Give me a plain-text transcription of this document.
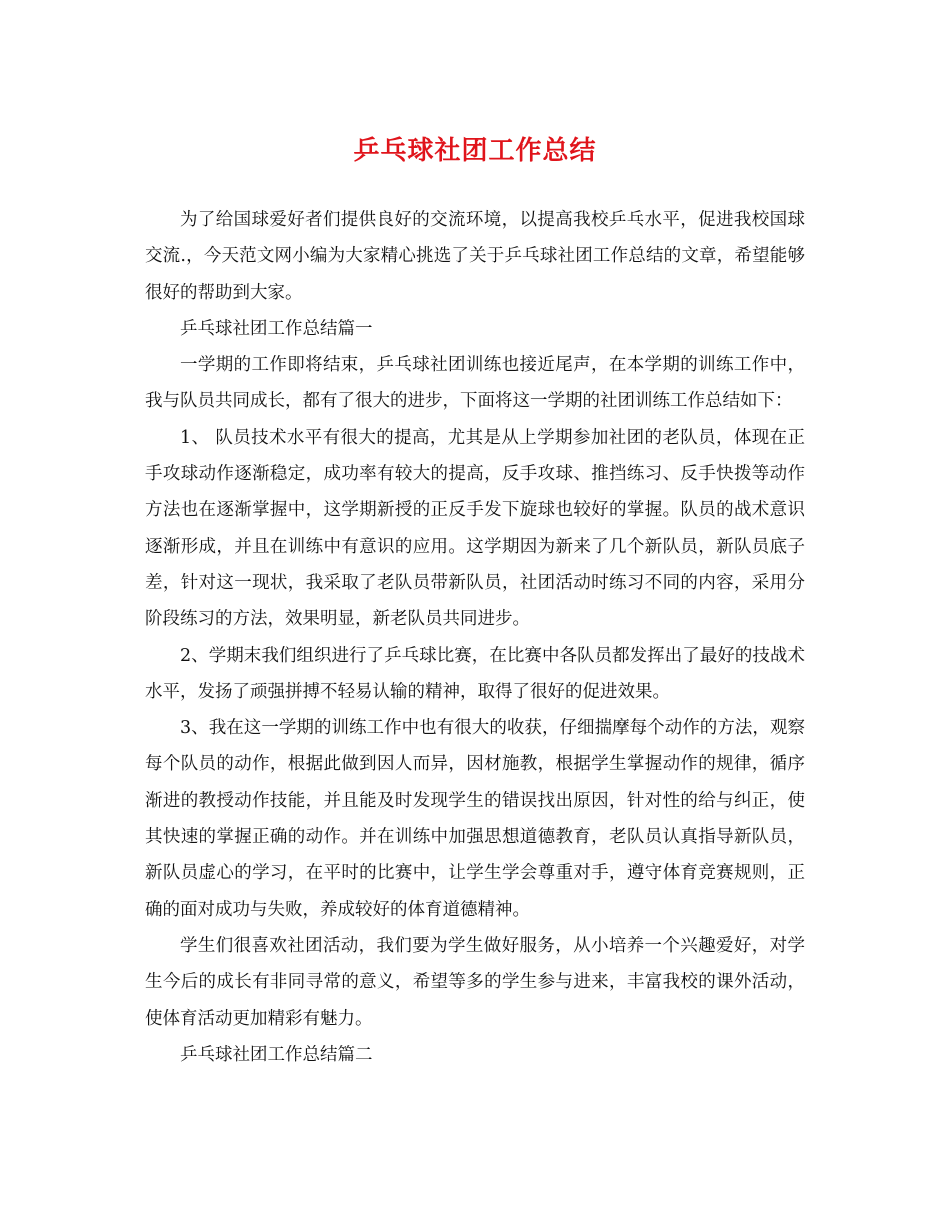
乒乓球社团工作总结

为了给国球爱好者们提供良好的交流环境，以提高我校乒乓水平，促进我校国球交流.，今天范文网小编为大家精心挑选了关于乒乓球社团工作总结的文章，希望能够很好的帮助到大家。

乒乓球社团工作总结篇一

一学期的工作即将结束，乒乓球社团训练也接近尾声，在本学期的训练工作中，我与队员共同成长，都有了很大的进步，下面将这一学期的社团训练工作总结如下：

1、 队员技术水平有很大的提高，尤其是从上学期参加社团的老队员，体现在正手攻球动作逐渐稳定，成功率有较大的提高，反手攻球、推挡练习、反手快拨等动作方法也在逐渐掌握中，这学期新授的正反手发下旋球也较好的掌握。队员的战术意识逐渐形成，并且在训练中有意识的应用。这学期因为新来了几个新队员，新队员底子差，针对这一现状，我采取了老队员带新队员，社团活动时练习不同的内容，采用分阶段练习的方法，效果明显，新老队员共同进步。

2、学期末我们组织进行了乒乓球比赛，在比赛中各队员都发挥出了最好的技战术水平，发扬了顽强拼搏不轻易认输的精神，取得了很好的促进效果。

3、我在这一学期的训练工作中也有很大的收获，仔细揣摩每个动作的方法，观察每个队员的动作，根据此做到因人而异，因材施教，根据学生掌握动作的规律，循序渐进的教授动作技能，并且能及时发现学生的错误找出原因，针对性的给与纠正，使其快速的掌握正确的动作。并在训练中加强思想道德教育，老队员认真指导新队员，新队员虚心的学习，在平时的比赛中，让学生学会尊重对手，遵守体育竞赛规则，正确的面对成功与失败，养成较好的体育道德精神。

学生们很喜欢社团活动，我们要为学生做好服务，从小培养一个兴趣爱好，对学生今后的成长有非同寻常的意义，希望等多的学生参与进来，丰富我校的课外活动，使体育活动更加精彩有魅力。

乒乓球社团工作总结篇二
